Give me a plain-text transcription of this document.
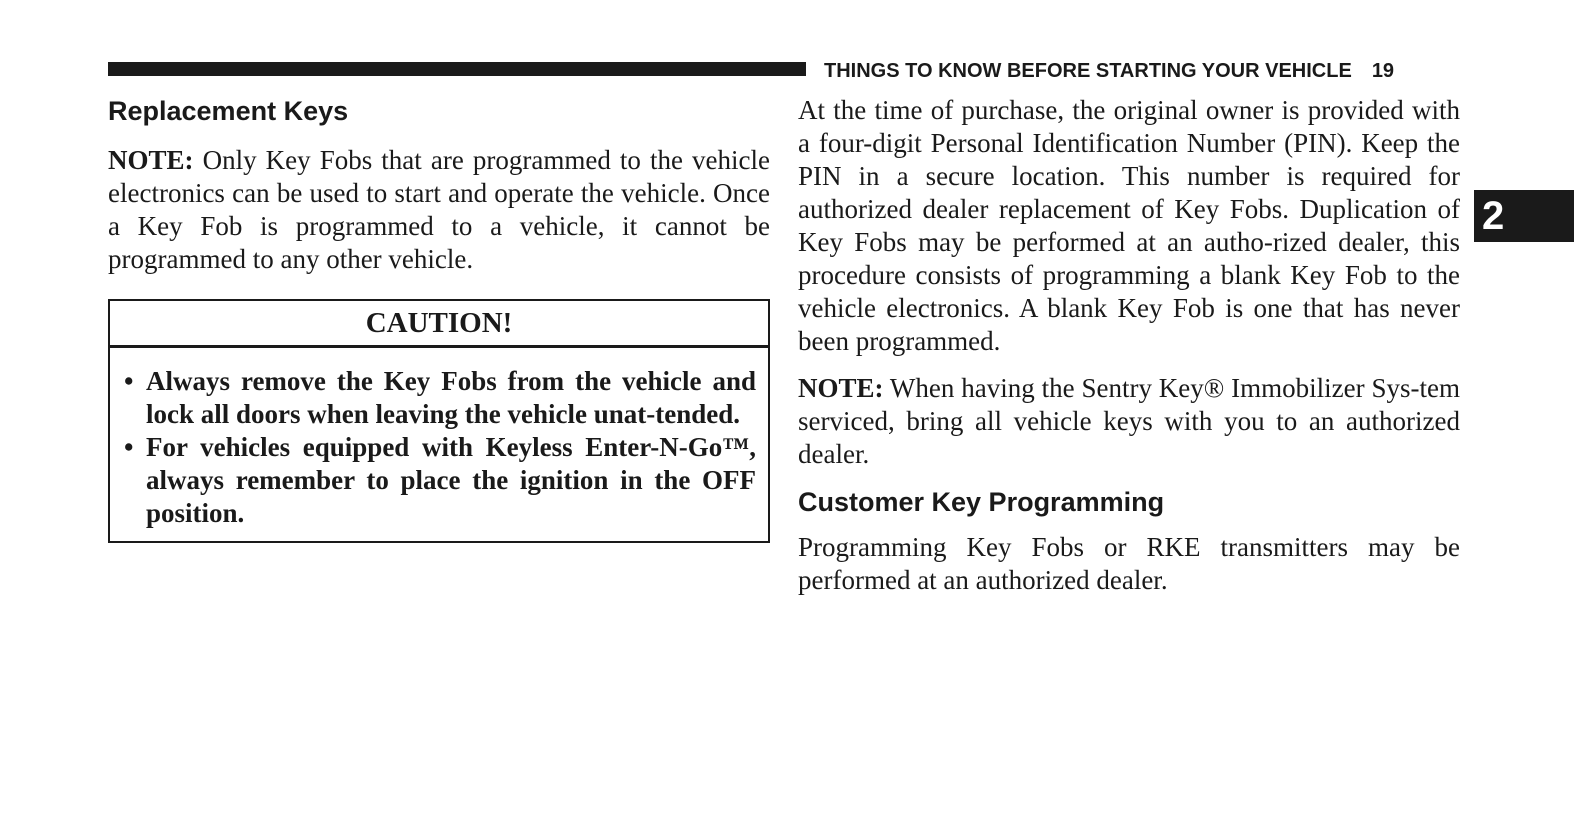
THINGS TO KNOW BEFORE STARTING YOUR VEHICLE 19
2
Replacement Keys

NOTE: Only Key Fobs that are programmed to the vehicle electronics can be used to start and operate the vehicle. Once a Key Fob is programmed to a vehicle, it cannot be programmed to any other vehicle.

CAUTION!
• Always remove the Key Fobs from the vehicle and lock all doors when leaving the vehicle unat-tended.
• For vehicles equipped with Keyless Enter-N-Go™, always remember to place the ignition in the OFF position.

At the time of purchase, the original owner is provided with a four-digit Personal Identification Number (PIN). Keep the PIN in a secure location. This number is required for authorized dealer replacement of Key Fobs. Duplication of Key Fobs may be performed at an autho-rized dealer, this procedure consists of programming a blank Key Fob to the vehicle electronics. A blank Key Fob is one that has never been programmed.

NOTE: When having the Sentry Key® Immobilizer Sys-tem serviced, bring all vehicle keys with you to an authorized dealer.

Customer Key Programming

Programming Key Fobs or RKE transmitters may be performed at an authorized dealer.
